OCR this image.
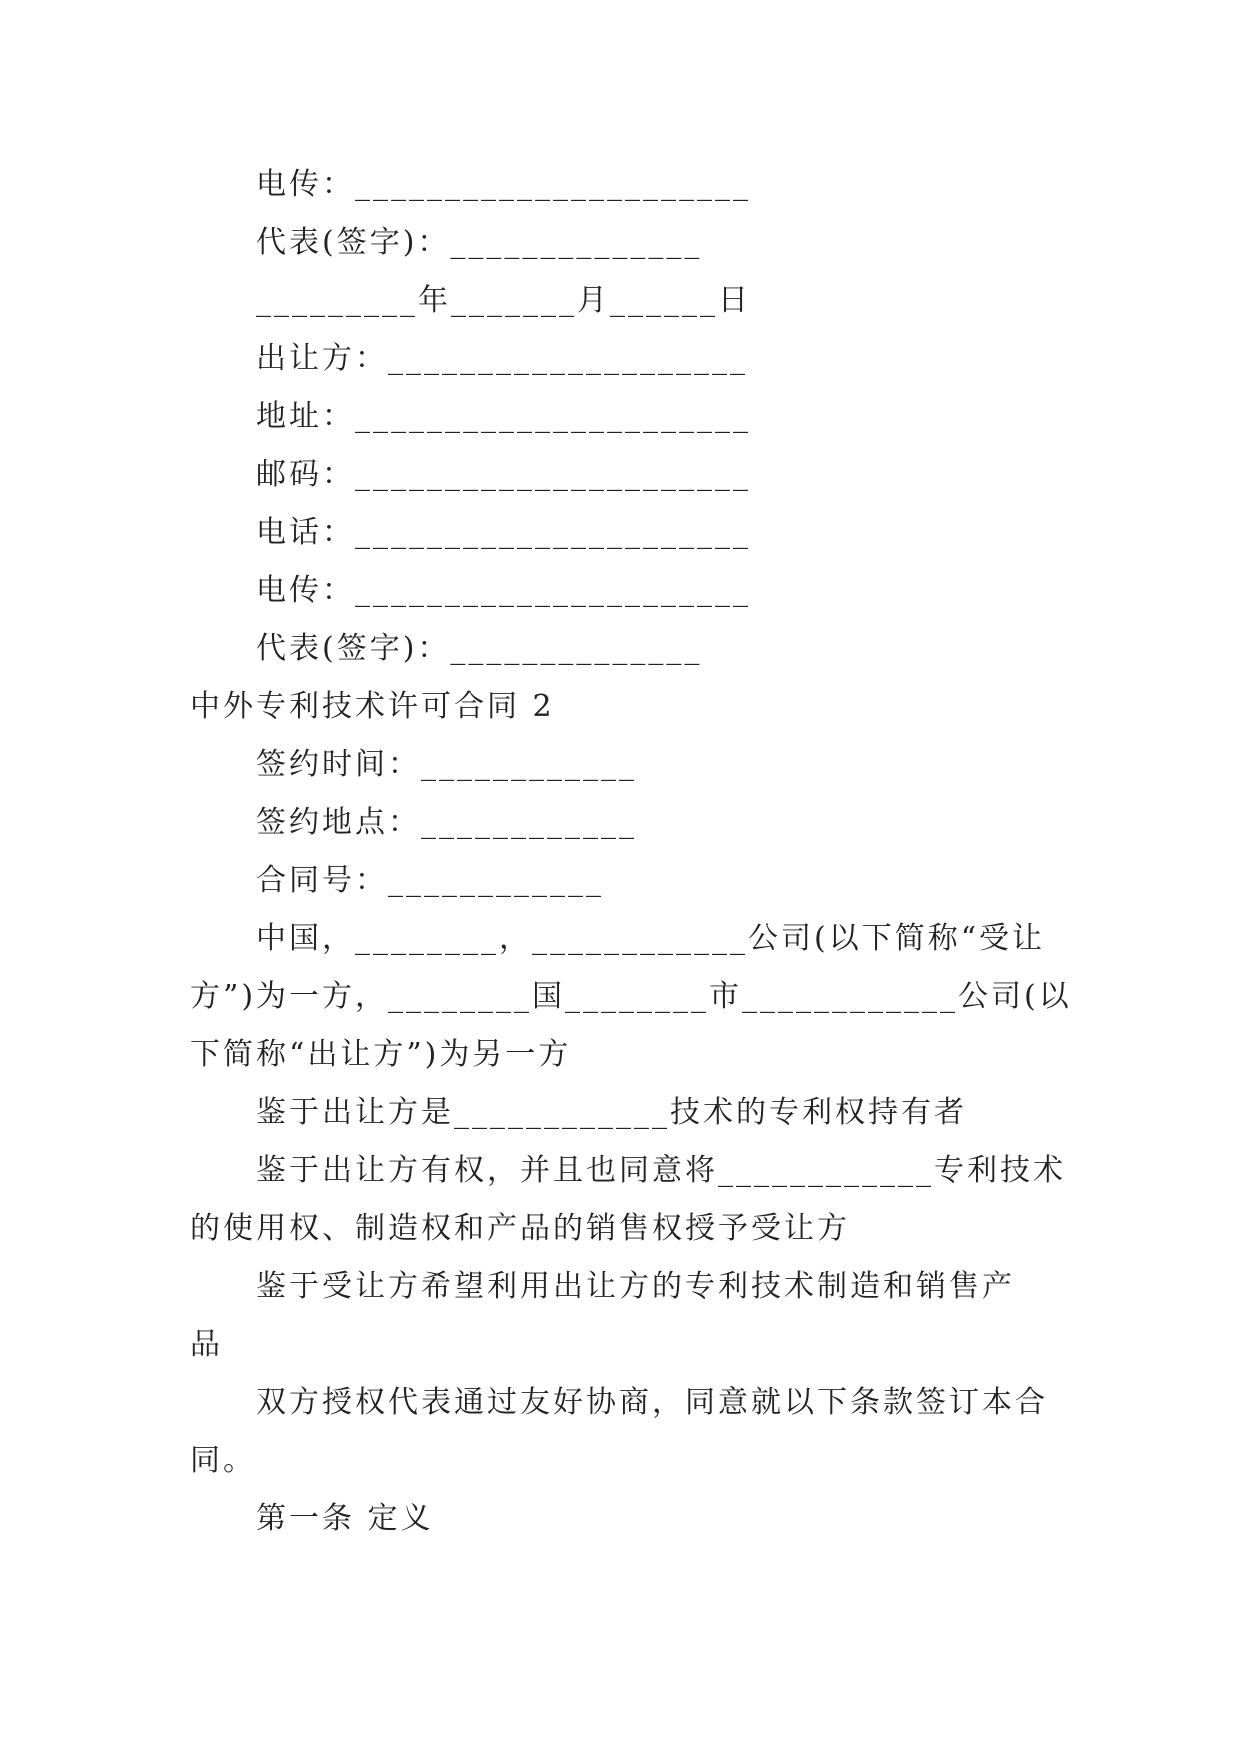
电传：______________________
代表(签字)：______________
_________年_______月______日
出让方：____________________
地址：______________________
邮码：______________________
电话：______________________
电传：______________________
代表(签字)：______________
中外专利技术许可合同 2
签约时间：____________
签约地点：____________
合同号：____________
中国，________，____________公司(以下简称“受让
方”)为一方，________国________市____________公司(以
下简称“出让方”)为另一方
鉴于出让方是____________技术的专利权持有者
鉴于出让方有权，并且也同意将____________专利技术
的使用权、制造权和产品的销售权授予受让方
鉴于受让方希望利用出让方的专利技术制造和销售产
品
双方授权代表通过友好协商，同意就以下条款签订本合
同。
第一条 定义
